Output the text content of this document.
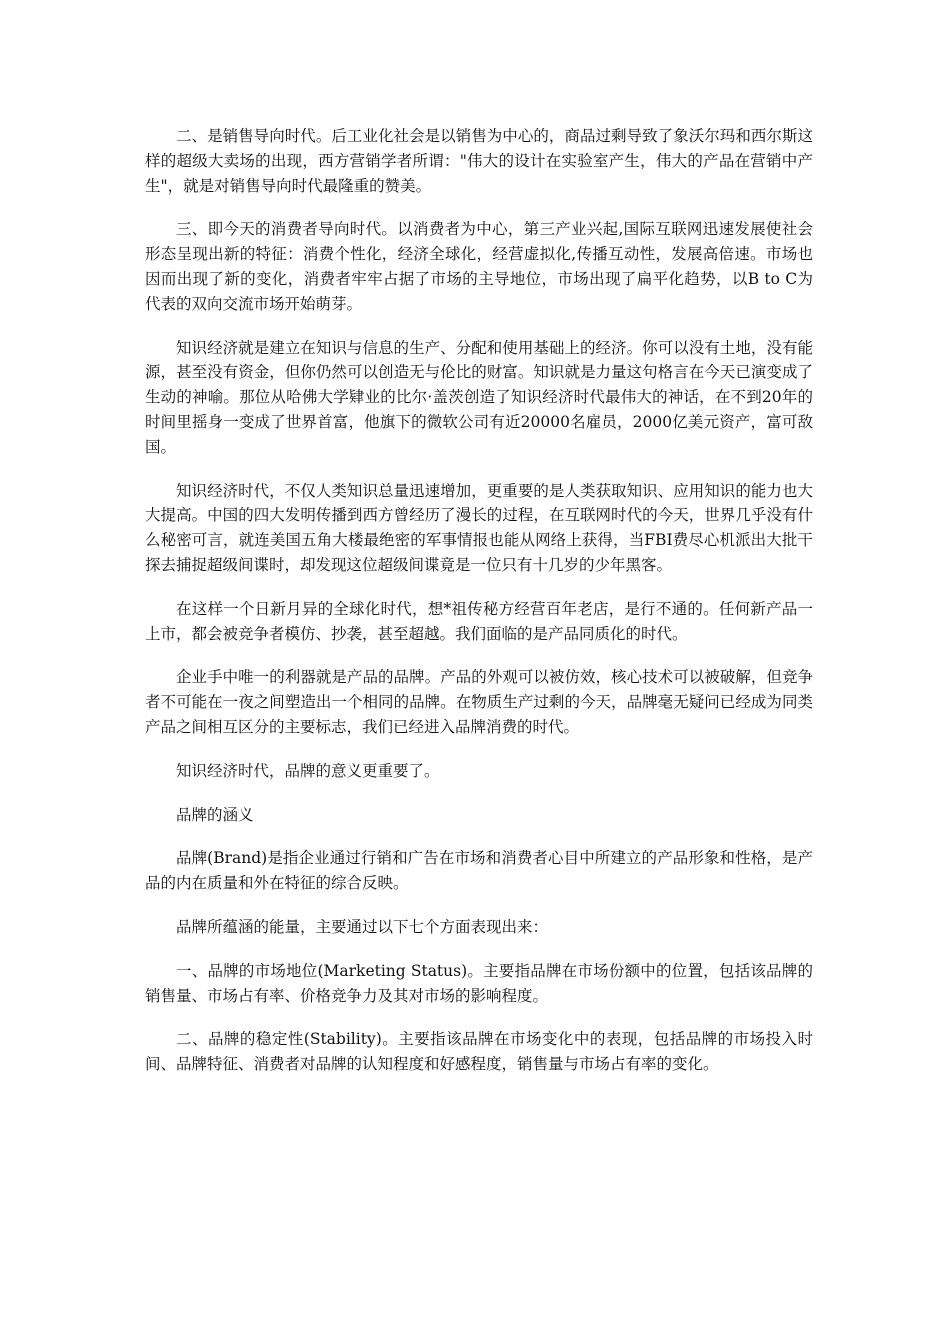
二、是销售导向时代。后工业化社会是以销售为中心的，商品过剩导致了象沃尔玛和西尔斯这样的超级大卖场的出现，西方营销学者所谓："伟大的设计在实验室产生，伟大的产品在营销中产生"，就是对销售导向时代最隆重的赞美。

三、即今天的消费者导向时代。以消费者为中心，第三产业兴起,国际互联网迅速发展使社会形态呈现出新的特征：消费个性化，经济全球化，经营虚拟化,传播互动性，发展高倍速。市场也因而出现了新的变化，消费者牢牢占据了市场的主导地位，市场出现了扁平化趋势，以B to C为代表的双向交流市场开始萌芽。

知识经济就是建立在知识与信息的生产、分配和使用基础上的经济。你可以没有土地，没有能源，甚至没有资金，但你仍然可以创造无与伦比的财富。知识就是力量这句格言在今天已演变成了生动的神喻。那位从哈佛大学肄业的比尔·盖茨创造了知识经济时代最伟大的神话，在不到20年的时间里摇身一变成了世界首富，他旗下的微软公司有近20000名雇员，2000亿美元资产，富可敌国。

知识经济时代，不仅人类知识总量迅速增加，更重要的是人类获取知识、应用知识的能力也大大提高。中国的四大发明传播到西方曾经历了漫长的过程，在互联网时代的今天，世界几乎没有什么秘密可言，就连美国五角大楼最绝密的军事情报也能从网络上获得，当FBI费尽心机派出大批干探去捕捉超级间谍时，却发现这位超级间谍竟是一位只有十几岁的少年黑客。

在这样一个日新月异的全球化时代，想*祖传秘方经营百年老店，是行不通的。任何新产品一上市，都会被竞争者模仿、抄袭，甚至超越。我们面临的是产品同质化的时代。

企业手中唯一的利器就是产品的品牌。产品的外观可以被仿效，核心技术可以被破解，但竞争者不可能在一夜之间塑造出一个相同的品牌。在物质生产过剩的今天，品牌毫无疑问已经成为同类产品之间相互区分的主要标志，我们已经进入品牌消费的时代。

知识经济时代，品牌的意义更重要了。

品牌的涵义

品牌(Brand)是指企业通过行销和广告在市场和消费者心目中所建立的产品形象和性格，是产品的内在质量和外在特征的综合反映。

品牌所蕴涵的能量，主要通过以下七个方面表现出来：

一、品牌的市场地位(Marketing Status)。主要指品牌在市场份额中的位置，包括该品牌的销售量、市场占有率、价格竞争力及其对市场的影响程度。

二、品牌的稳定性(Stability)。主要指该品牌在市场变化中的表现，包括品牌的市场投入时间、品牌特征、消费者对品牌的认知程度和好感程度，销售量与市场占有率的变化。
